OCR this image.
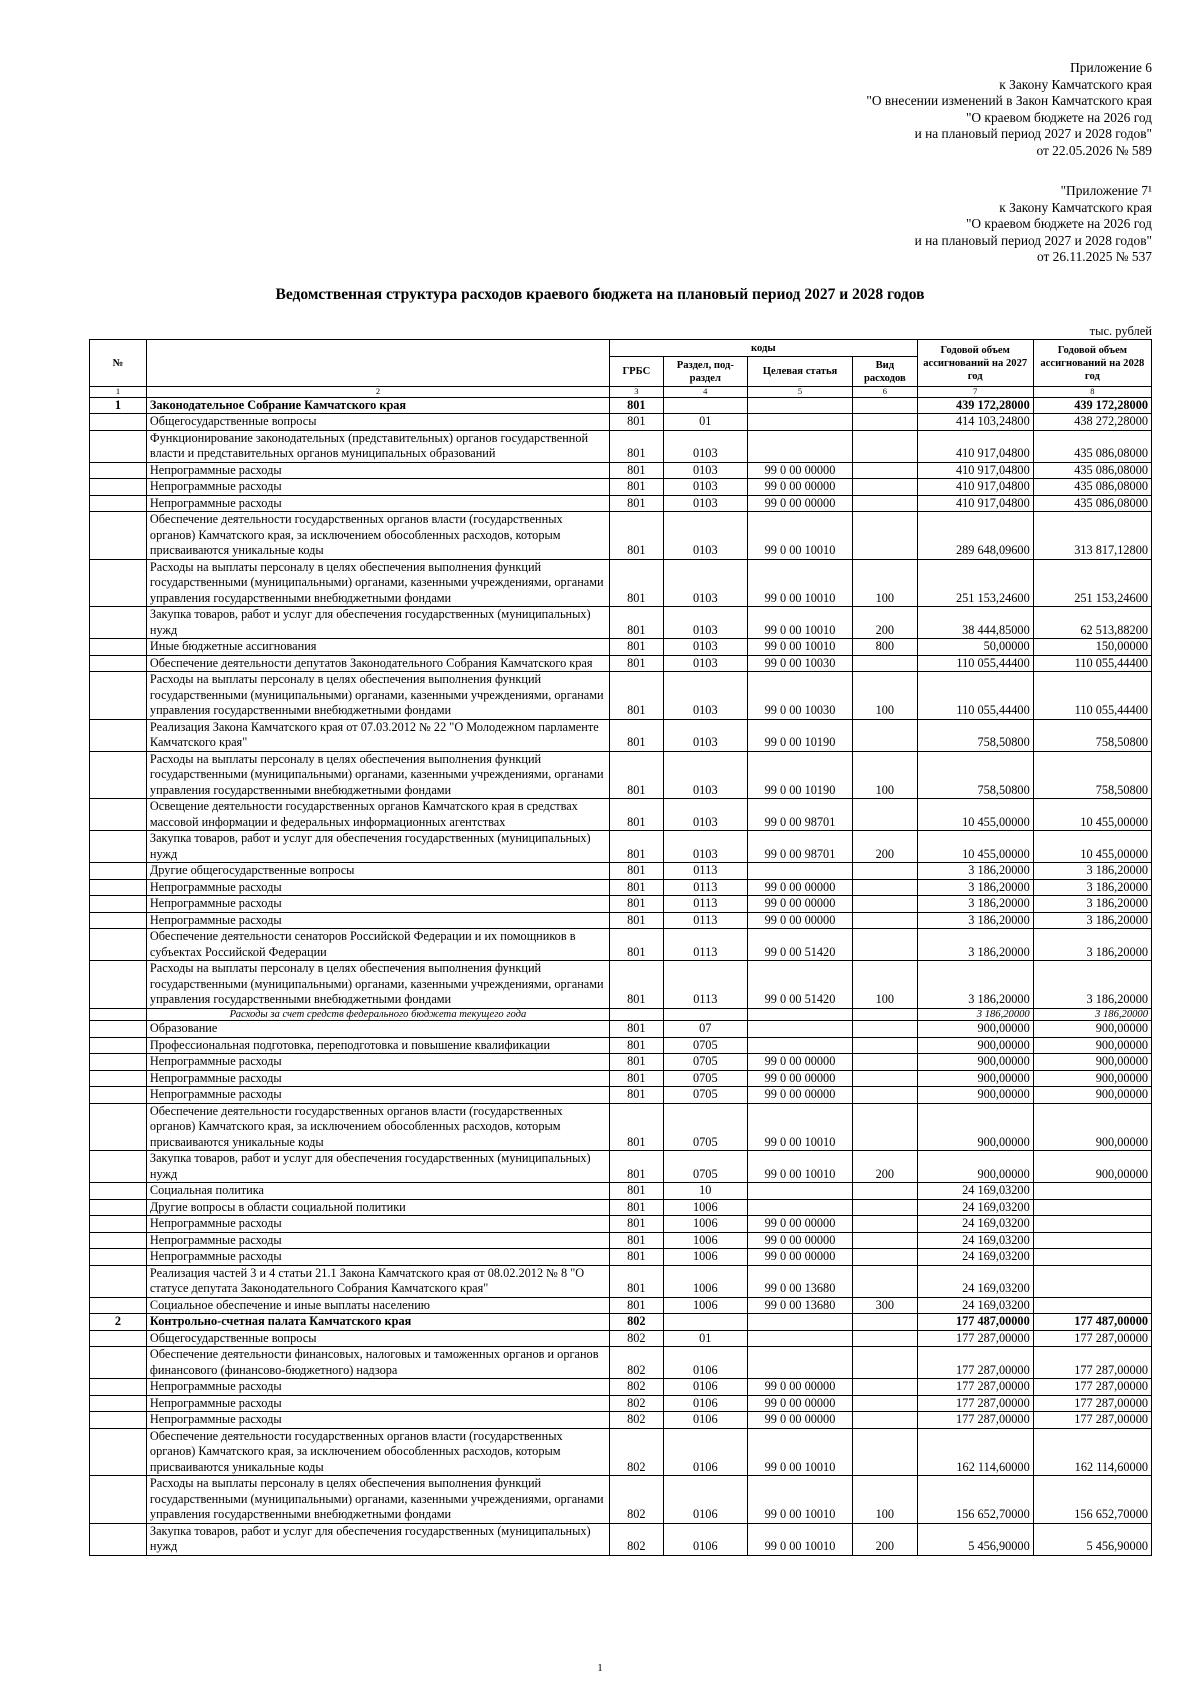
Приложение 6
к Закону Камчатского края
"О внесении изменений в Закон Камчатского края
"О краевом бюджете на 2026 год
и на плановый период 2027 и 2028 годов"
от 22.05.2026 № 589
"Приложение 7¹
к Закону Камчатского края
"О краевом бюджете на 2026 год
и на плановый период 2027 и 2028 годов"
от 26.11.2025 № 537
Ведомственная структура расходов краевого бюджета на плановый период 2027 и 2028 годов
тыс. рублей
№		коды				Годовой объем ассигнований на 2027 год	Годовой объем ассигнований на 2028 год
		ГРБС	Раздел, под-раздел	Целевая статья	Вид расходов		
1	2	3	4	5	6	7	8
1	Законодательное Собрание Камчатского края	801				439 172,28000	439 172,28000
	Общегосударственные вопросы	801	01			414 103,24800	438 272,28000
	Функционирование законодательных (представительных) органов государственной власти и представительных органов муниципальных образований	801	0103			410 917,04800	435 086,08000
	Непрограммные расходы	801	0103	99 0 00 00000		410 917,04800	435 086,08000
	Непрограммные расходы	801	0103	99 0 00 00000		410 917,04800	435 086,08000
	Непрограммные расходы	801	0103	99 0 00 00000		410 917,04800	435 086,08000
	Обеспечение деятельности государственных органов власти (государственных органов) Камчатского края, за исключением обособленных расходов, которым присваиваются уникальные коды	801	0103	99 0 00 10010		289 648,09600	313 817,12800
	Расходы на выплаты персоналу в целях обеспечения выполнения функций государственными (муниципальными) органами, казенными учреждениями, органами управления государственными внебюджетными фондами	801	0103	99 0 00 10010	100	251 153,24600	251 153,24600
	Закупка товаров, работ и услуг для обеспечения государственных (муниципальных) нужд	801	0103	99 0 00 10010	200	38 444,85000	62 513,88200
	Иные бюджетные ассигнования	801	0103	99 0 00 10010	800	50,00000	150,00000
	Обеспечение деятельности депутатов Законодательного Собрания Камчатского края	801	0103	99 0 00 10030		110 055,44400	110 055,44400
	Расходы на выплаты персоналу в целях обеспечения выполнения функций государственными (муниципальными) органами, казенными учреждениями, органами управления государственными внебюджетными фондами	801	0103	99 0 00 10030	100	110 055,44400	110 055,44400
	Реализация Закона Камчатского края от 07.03.2012 № 22 "О Молодежном парламенте Камчатского края"	801	0103	99 0 00 10190		758,50800	758,50800
	Расходы на выплаты персоналу в целях обеспечения выполнения функций государственными (муниципальными) органами, казенными учреждениями, органами управления государственными внебюджетными фондами	801	0103	99 0 00 10190	100	758,50800	758,50800
	Освещение деятельности государственных органов Камчатского края в средствах массовой информации и федеральных информационных агентствах	801	0103	99 0 00 98701		10 455,00000	10 455,00000
	Закупка товаров, работ и услуг для обеспечения государственных (муниципальных) нужд	801	0103	99 0 00 98701	200	10 455,00000	10 455,00000
	Другие общегосударственные вопросы	801	0113			3 186,20000	3 186,20000
	Непрограммные расходы	801	0113	99 0 00 00000		3 186,20000	3 186,20000
	Непрограммные расходы	801	0113	99 0 00 00000		3 186,20000	3 186,20000
	Непрограммные расходы	801	0113	99 0 00 00000		3 186,20000	3 186,20000
	Обеспечение деятельности сенаторов Российской Федерации и их помощников в субъектах Российской Федерации	801	0113	99 0 00 51420		3 186,20000	3 186,20000
	Расходы на выплаты персоналу в целях обеспечения выполнения функций государственными (муниципальными) органами, казенными учреждениями, органами управления государственными внебюджетными фондами	801	0113	99 0 00 51420	100	3 186,20000	3 186,20000
	Расходы за счет средств федерального бюджета текущего года					3 186,20000	3 186,20000
	Образование	801	07			900,00000	900,00000
	Профессиональная подготовка, переподготовка и повышение квалификации	801	0705			900,00000	900,00000
	Непрограммные расходы	801	0705	99 0 00 00000		900,00000	900,00000
	Непрограммные расходы	801	0705	99 0 00 00000		900,00000	900,00000
	Непрограммные расходы	801	0705	99 0 00 00000		900,00000	900,00000
	Обеспечение деятельности государственных органов власти (государственных органов) Камчатского края, за исключением обособленных расходов, которым присваиваются уникальные коды	801	0705	99 0 00 10010		900,00000	900,00000
	Закупка товаров, работ и услуг для обеспечения государственных (муниципальных) нужд	801	0705	99 0 00 10010	200	900,00000	900,00000
	Социальная политика	801	10			24 169,03200	
	Другие вопросы в области социальной политики	801	1006			24 169,03200	
	Непрограммные расходы	801	1006	99 0 00 00000		24 169,03200	
	Непрограммные расходы	801	1006	99 0 00 00000		24 169,03200	
	Непрограммные расходы	801	1006	99 0 00 00000		24 169,03200	
	Реализация частей 3 и 4 статьи 21.1 Закона Камчатского края от 08.02.2012 № 8 "О статусе депутата Законодательного Собрания Камчатского края"	801	1006	99 0 00 13680		24 169,03200	
	Социальное обеспечение и иные выплаты населению	801	1006	99 0 00 13680	300	24 169,03200	
2	Контрольно-счетная палата Камчатского края	802				177 487,00000	177 487,00000
	Общегосударственные вопросы	802	01			177 287,00000	177 287,00000
	Обеспечение деятельности финансовых, налоговых и таможенных органов и органов финансового (финансово-бюджетного) надзора	802	0106			177 287,00000	177 287,00000
	Непрограммные расходы	802	0106	99 0 00 00000		177 287,00000	177 287,00000
	Непрограммные расходы	802	0106	99 0 00 00000		177 287,00000	177 287,00000
	Непрограммные расходы	802	0106	99 0 00 00000		177 287,00000	177 287,00000
	Обеспечение деятельности государственных органов власти (государственных органов) Камчатского края, за исключением обособленных расходов, которым присваиваются уникальные коды	802	0106	99 0 00 10010		162 114,60000	162 114,60000
	Расходы на выплаты персоналу в целях обеспечения выполнения функций государственными (муниципальными) органами, казенными учреждениями, органами управления государственными внебюджетными фондами	802	0106	99 0 00 10010	100	156 652,70000	156 652,70000
	Закупка товаров, работ и услуг для обеспечения государственных (муниципальных) нужд	802	0106	99 0 00 10010	200	5 456,90000	5 456,90000
1
